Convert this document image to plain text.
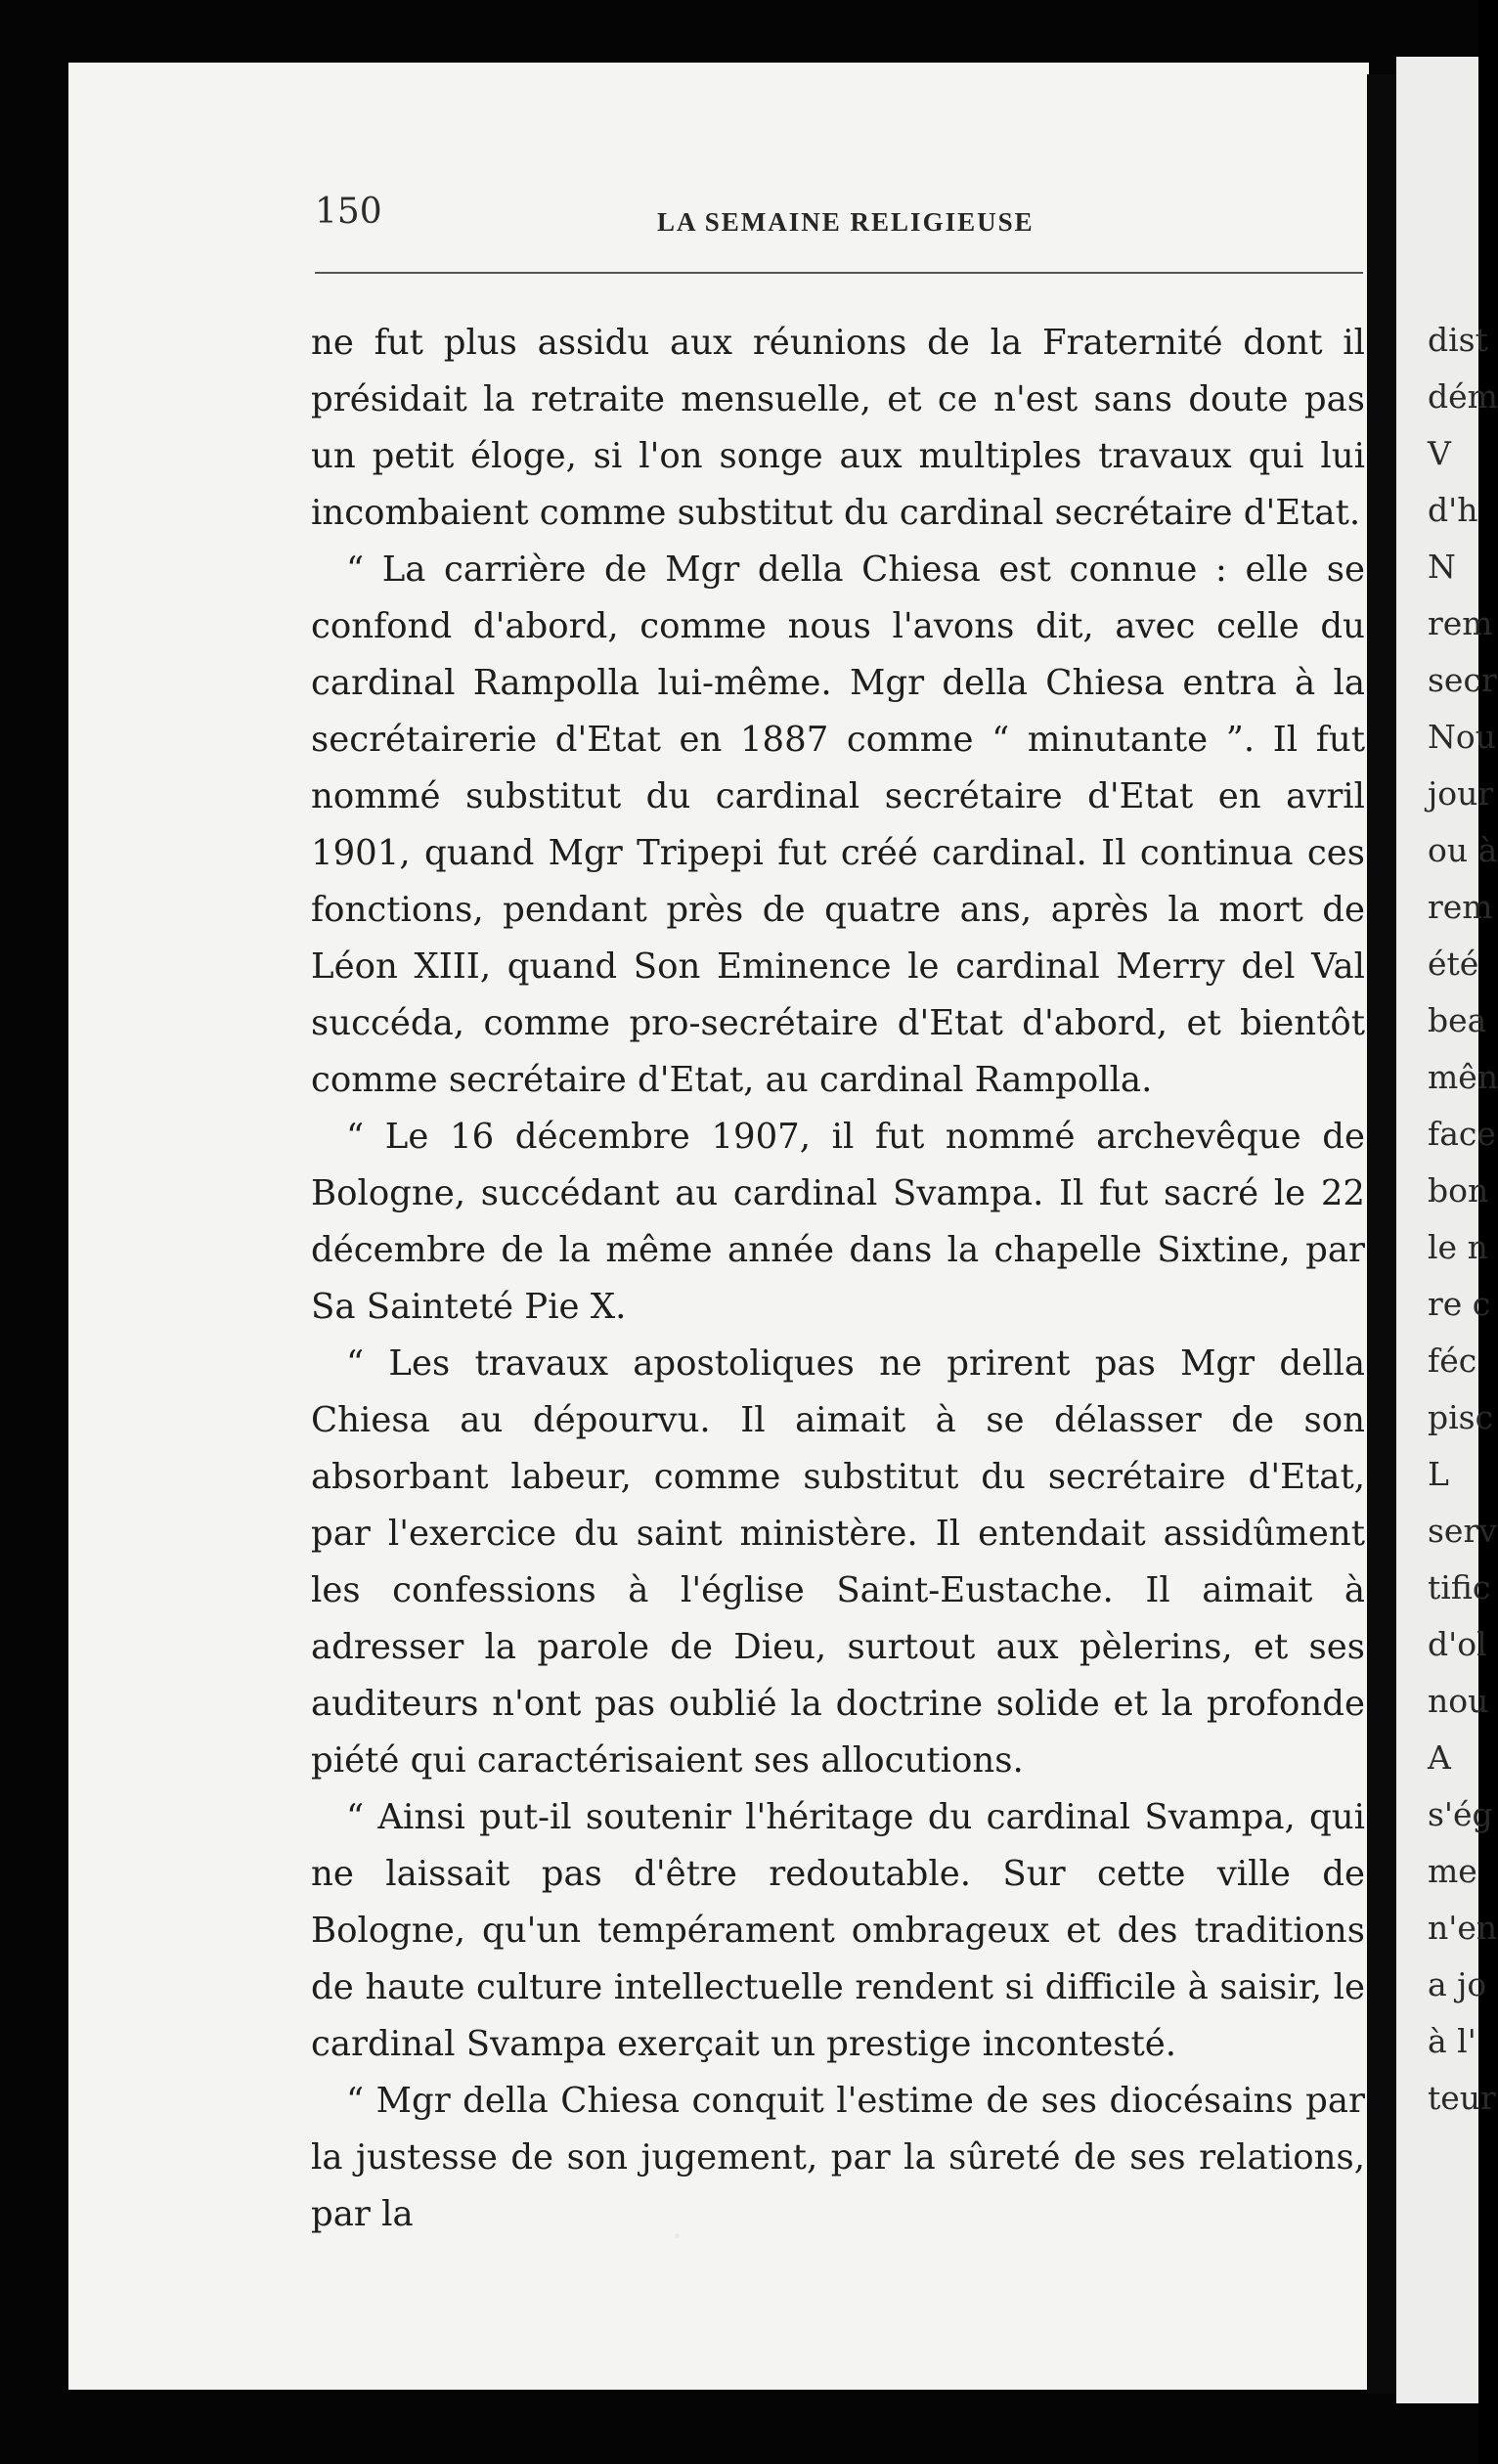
dist
dém
V
d'h
N
rem
secr
Nou
jour
ou à
rem
été
bea
mên
face
bon
le n
re c
féc
pisc
L
serv
tific
d'ol
nou
A
s'ég
me
n'en
a jo
à l'
teur
150	LA SEMAINE RELIGIEUSE

ne fut plus assidu aux réunions de la Fraternité dont il présidait la retraite mensuelle, et ce n'est sans doute pas un petit éloge, si l'on songe aux multiples travaux qui lui incombaient comme substitut du cardinal secrétaire d'Etat.

“ La carrière de Mgr della Chiesa est connue : elle se confond d'abord, comme nous l'avons dit, avec celle du cardinal Rampolla lui-même. Mgr della Chiesa entra à la secrétairerie d'Etat en 1887 comme “ minutante ”. Il fut nommé substitut du cardinal secrétaire d'Etat en avril 1901, quand Mgr Tripepi fut créé cardinal. Il continua ces fonctions, pendant près de quatre ans, après la mort de Léon XIII, quand Son Eminence le cardinal Merry del Val succéda, comme pro-secrétaire d'Etat d'abord, et bientôt comme secrétaire d'Etat, au cardinal Rampolla.

“ Le 16 décembre 1907, il fut nommé archevêque de Bologne, succédant au cardinal Svampa. Il fut sacré le 22 décembre de la même année dans la chapelle Sixtine, par Sa Sainteté Pie X.

“ Les travaux apostoliques ne prirent pas Mgr della Chiesa au dépourvu. Il aimait à se délasser de son absorbant labeur, comme substitut du secrétaire d'Etat, par l'exercice du saint ministère. Il entendait assidûment les confessions à l'église Saint-Eustache. Il aimait à adresser la parole de Dieu, surtout aux pèlerins, et ses auditeurs n'ont pas oublié la doctrine solide et la profonde piété qui caractérisaient ses allocutions.

“ Ainsi put-il soutenir l'héritage du cardinal Svampa, qui ne laissait pas d'être redoutable. Sur cette ville de Bologne, qu'un tempérament ombrageux et des traditions de haute culture intellectuelle rendent si difficile à saisir, le cardinal Svampa exerçait un prestige incontesté.

“ Mgr della Chiesa conquit l'estime de ses diocésains par la justesse de son jugement, par la sûreté de ses relations, par la
